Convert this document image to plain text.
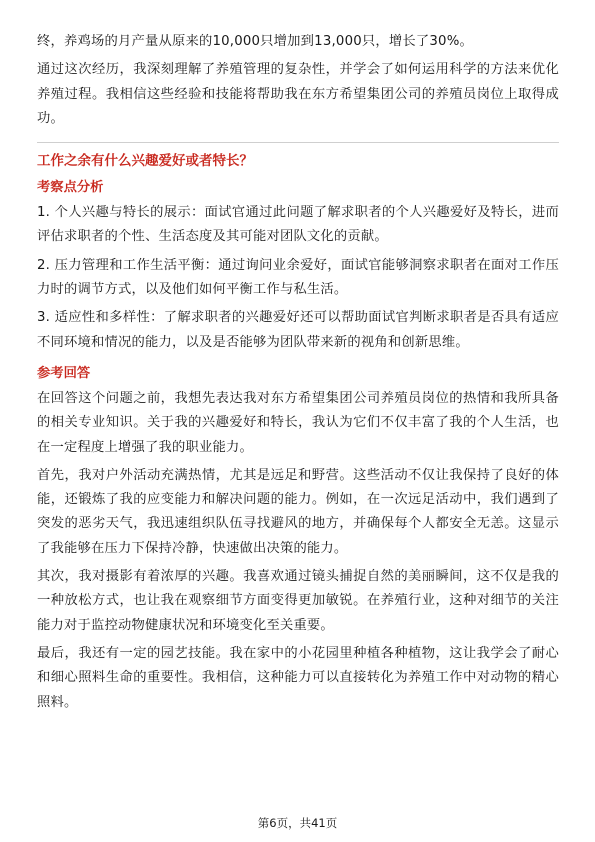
终，养鸡场的月产量从原来的10,000只增加到13,000只，增长了30%。

通过这次经历，我深刻理解了养殖管理的复杂性，并学会了如何运用科学的方法来优化养殖过程。我相信这些经验和技能将帮助我在东方希望集团公司的养殖员岗位上取得成功。

工作之余有什么兴趣爱好或者特长？
考察点分析

1. 个人兴趣与特长的展示：面试官通过此问题了解求职者的个人兴趣爱好及特长，进而评估求职者的个性、生活态度及其可能对团队文化的贡献。

2. 压力管理和工作生活平衡：通过询问业余爱好，面试官能够洞察求职者在面对工作压力时的调节方式，以及他们如何平衡工作与私生活。

3. 适应性和多样性：了解求职者的兴趣爱好还可以帮助面试官判断求职者是否具有适应不同环境和情况的能力，以及是否能够为团队带来新的视角和创新思维。

参考回答

在回答这个问题之前，我想先表达我对东方希望集团公司养殖员岗位的热情和我所具备的相关专业知识。关于我的兴趣爱好和特长，我认为它们不仅丰富了我的个人生活，也在一定程度上增强了我的职业能力。

首先，我对户外活动充满热情，尤其是远足和野营。这些活动不仅让我保持了良好的体能，还锻炼了我的应变能力和解决问题的能力。例如，在一次远足活动中，我们遇到了突发的恶劣天气，我迅速组织队伍寻找避风的地方，并确保每个人都安全无恙。这显示了我能够在压力下保持冷静，快速做出决策的能力。

其次，我对摄影有着浓厚的兴趣。我喜欢通过镜头捕捉自然的美丽瞬间，这不仅是我的一种放松方式，也让我在观察细节方面变得更加敏锐。在养殖行业，这种对细节的关注能力对于监控动物健康状况和环境变化至关重要。

最后，我还有一定的园艺技能。我在家中的小花园里种植各种植物，这让我学会了耐心和细心照料生命的重要性。我相信，这种能力可以直接转化为养殖工作中对动物的精心照料。

第6页，共41页
